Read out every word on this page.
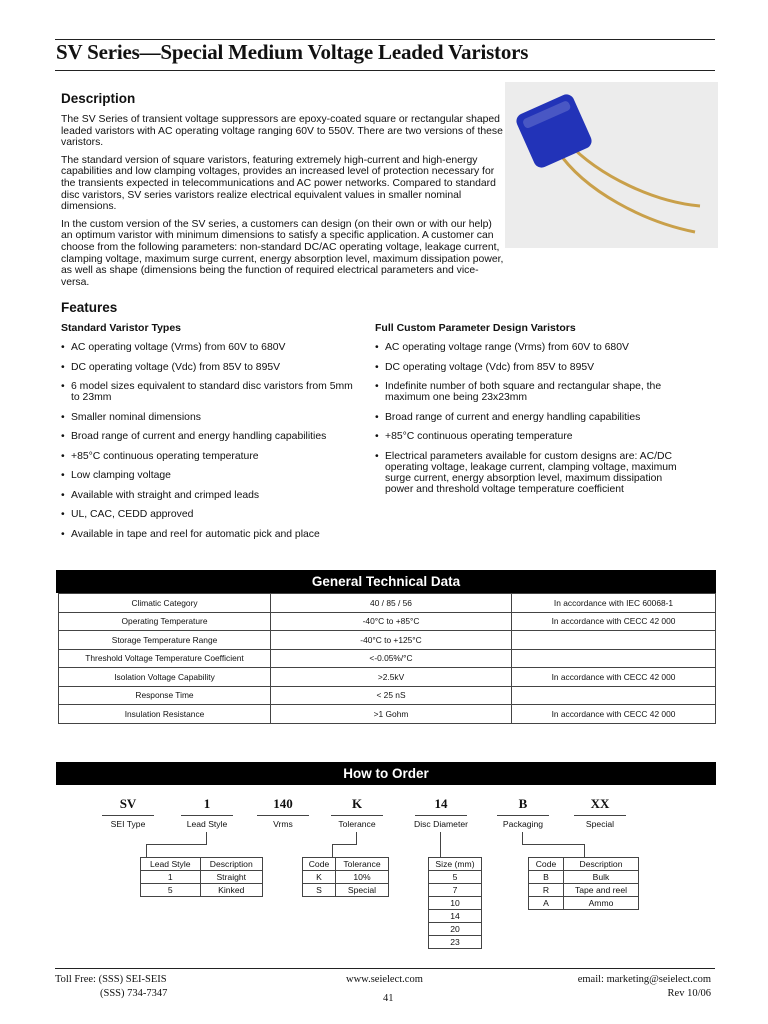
SV Series—Special Medium Voltage Leaded Varistors
Description

The SV Series of transient voltage suppressors are epoxy-coated square or rectangular shaped leaded varistors with AC operating voltage ranging 60V to 550V. There are two versions of these varistors.

The standard version of square varistors, featuring extremely high-current and high-energy capabilities and low clamping voltages, provides an increased level of protection necessary for the transients expected in telecommunications and AC power networks. Compared to standard disc varistors, SV series varistors realize electrical equivalent values in smaller nominal dimensions.

In the custom version of the SV series, a customers can design (on their own or with our help) an optimum varistor with minimum dimensions to satisfy a specific application. A customer can choose from the following parameters: non-standard DC/AC operating voltage, leakage current, clamping voltage, maximum surge current, energy absorption level, maximum dissipation power, as well as shape (dimensions being the function of required electrical parameters and vice-versa.

Features
Standard Varistor Types
• AC operating voltage (Vrms) from 60V to 680V
• DC operating voltage (Vdc) from 85V to 895V
• 6 model sizes equivalent to standard disc varistors from 5mm to 23mm
• Smaller nominal dimensions
• Broad range of current and energy handling capabilities
• +85°C continuous operating temperature
• Low clamping voltage
• Available with straight and crimped leads
• UL, CAC, CEDD approved
• Available in tape and reel for automatic pick and place
Full Custom Parameter Design Varistors
• AC operating voltage range (Vrms) from 60V to 680V
• DC operating voltage (Vdc) from 85V to 895V
• Indefinite number of both square and rectangular shape, the maximum one being 23x23mm
• Broad range of current and energy handling capabilities
• +85°C continuous operating temperature
• Electrical parameters available for custom designs are: AC/DC operating voltage, leakage current, clamping voltage, maximum surge current, energy absorption level, maximum dissipation power and threshold voltage temperature coefficient
General Technical Data
Climatic Category	40 / 85 / 56	In accordance with IEC 60068-1
Operating Temperature	-40°C to +85°C	In accordance with CECC 42 000
Storage Temperature Range	-40°C to +125°C	
Threshold Voltage Temperature Coefficient	<-0.05%/°C	
Isolation Voltage Capability	>2.5kV	In accordance with CECC 42 000
Response Time	< 25 nS	
Insulation Resistance	>1 Gohm	In accordance with CECC 42 000
How to Order
SV
SEI Type
1
Lead Style
140
Vrms
K
Tolerance
14
Disc Diameter
B
Packaging
XX
Special
Lead Style	Description
1	Straight
5	Kinked
Code	Tolerance
K	10%
S	Special
Size (mm)
5
7
10
14
20
23
Code	Description
B	Bulk
R	Tape and reel
A	Ammo
Toll Free: (SSS) SEI-SEIS
(SSS) 734-7347
www.seielect.com
41
email: marketing@seielect.com
Rev 10/06
